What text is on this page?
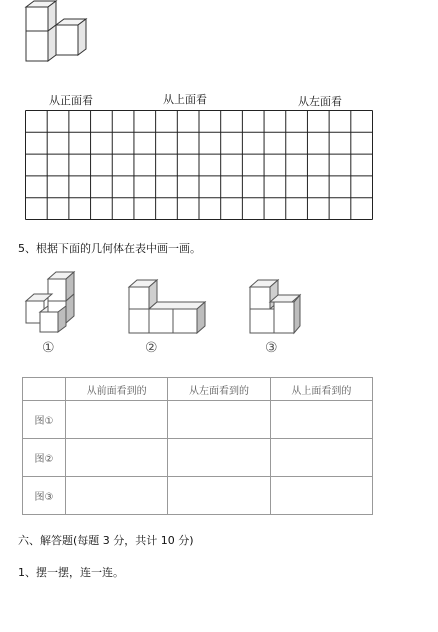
从正面看	从上面看	从左面看
5、根据下面的几何体在表中画一画。
①	②	③
	从前面看到的	从左面看到的	从上面看到的
图①			
图②			
图③			
六、解答题(每题 3 分，共计 10 分)
1、摆一摆，连一连。
